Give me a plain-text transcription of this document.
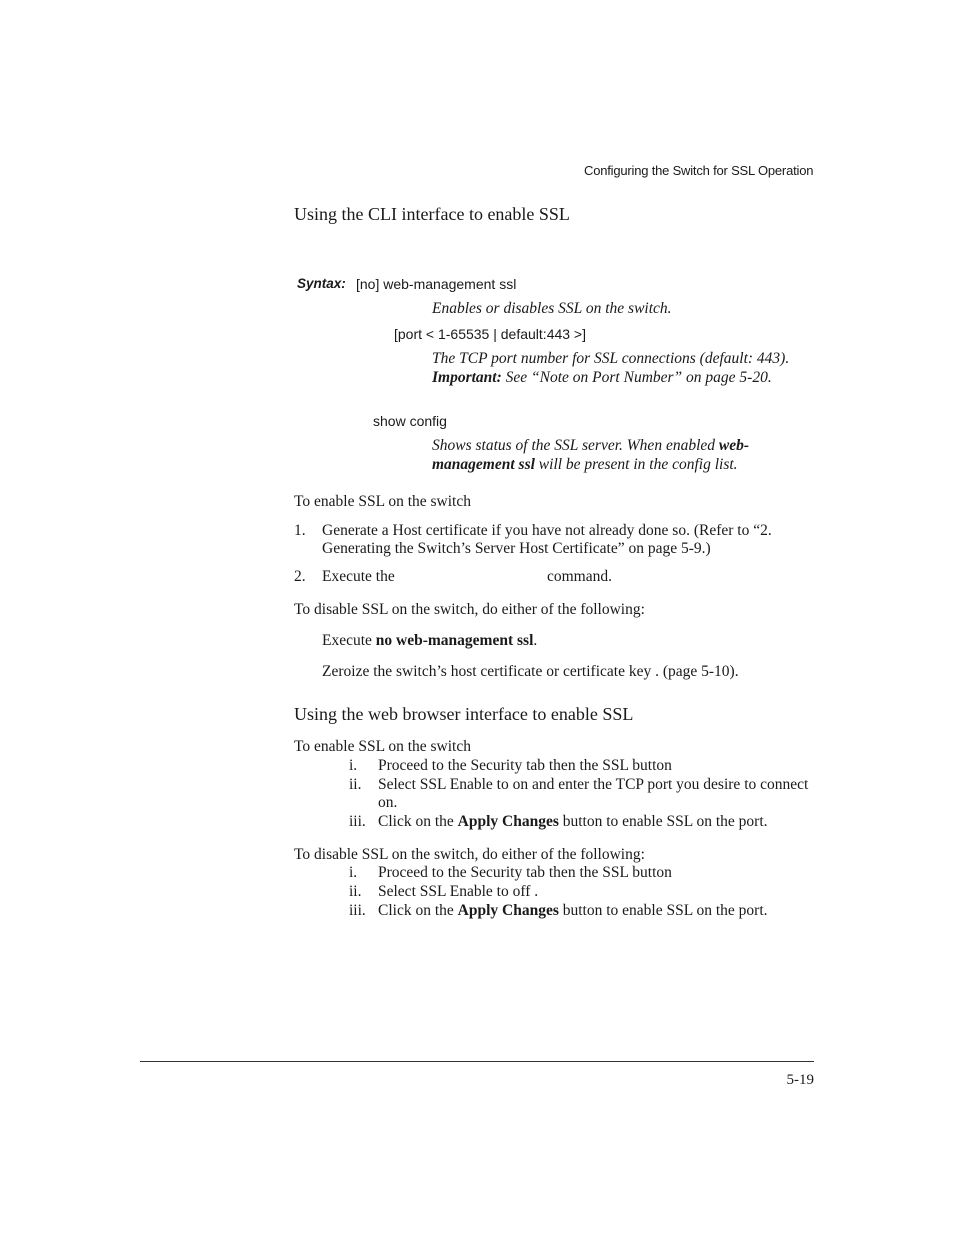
Configuring the Switch for SSL Operation
Using the CLI interface to enable SSL
Syntax: [no] web-management ssl
Enables or disables SSL on the switch.
[port < 1-65535 | default:443 >]
The TCP port number for SSL connections (default: 443). Important: See “Note on Port Number” on page 5-20.
show config
Shows status of the SSL server. When enabled web-management ssl will be present in the config list.
To enable SSL on the switch
1. Generate a Host certificate if you have not already done so. (Refer to “2. Generating the Switch’s Server Host Certificate” on page 5-9.)
2. Execute the	command.
To disable SSL on the switch, do either of the following:
Execute no web-management ssl.
Zeroize the switch’s host certificate or certificate key . (page 5-10).
Using the web browser interface to enable SSL
To enable SSL on the switch
i. Proceed to the Security tab then the SSL button
ii. Select SSL Enable to on and enter the TCP port you desire to connect on.
iii. Click on the Apply Changes button to enable SSL on the port.
To disable SSL on the switch, do either of the following:
i. Proceed to the Security tab then the SSL button
ii. Select SSL Enable to off .
iii. Click on the Apply Changes button to enable SSL on the port.
5-19
